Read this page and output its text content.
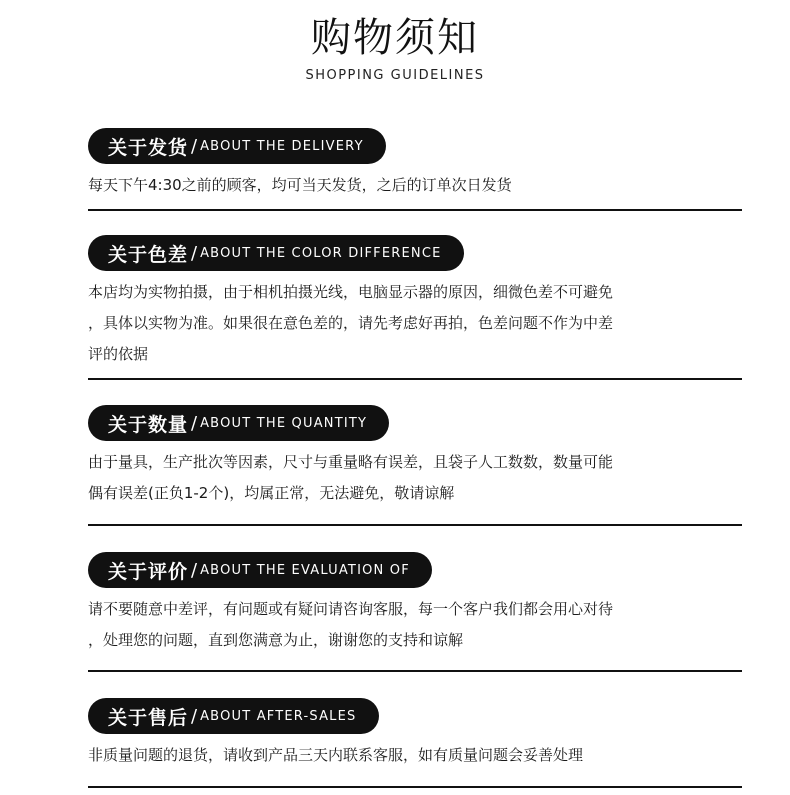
购物须知
SHOPPING GUIDELINES
关于发货 / ABOUT THE DELIVERY
每天下午4:30之前的顾客，均可当天发货，之后的订单次日发货
关于色差 / ABOUT THE COLOR DIFFERENCE
本店均为实物拍摄，由于相机拍摄光线，电脑显示器的原因，细微色差不可避免
，具体以实物为准。如果很在意色差的，请先考虑好再拍，色差问题不作为中差
评的依据
关于数量 / ABOUT THE QUANTITY
由于量具，生产批次等因素，尺寸与重量略有误差，且袋子人工数数，数量可能
偶有误差(正负1-2个)，均属正常，无法避免，敬请谅解
关于评价 / ABOUT THE EVALUATION OF
请不要随意中差评，有问题或有疑问请咨询客服，每一个客户我们都会用心对待
，处理您的问题，直到您满意为止，谢谢您的支持和谅解
关于售后 / ABOUT AFTER-SALES
非质量问题的退货，请收到产品三天内联系客服，如有质量问题会妥善处理
